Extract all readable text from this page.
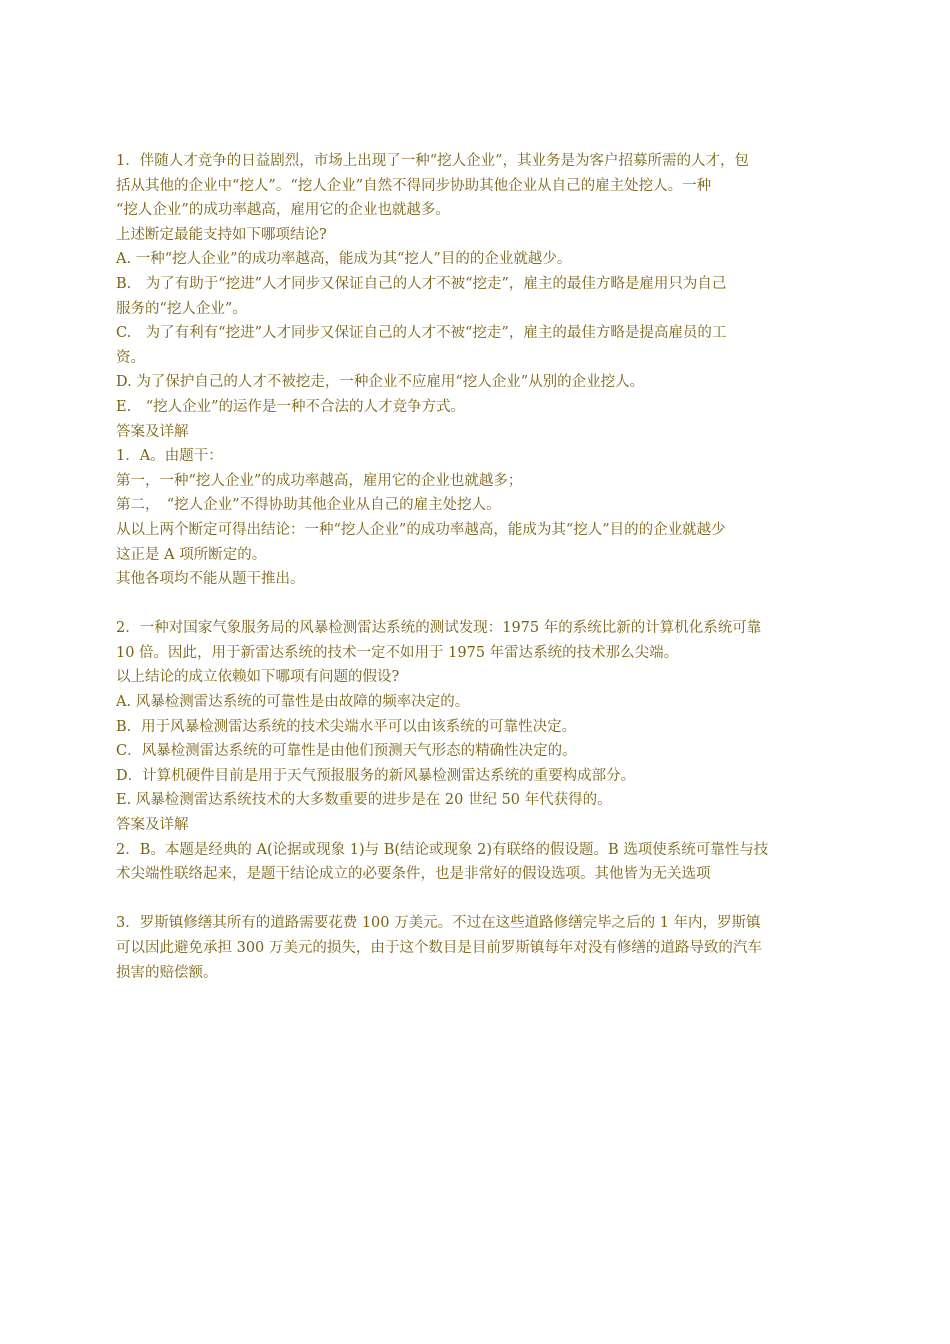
1．伴随人才竞争的日益剧烈，市场上出现了一种“挖人企业”，其业务是为客户招募所需的人才，包
括从其他的企业中“挖人”。“挖人企业”自然不得同步协助其他企业从自己的雇主处挖人。一种
“挖人企业”的成功率越高，雇用它的企业也就越多。
上述断定最能支持如下哪项结论?
A. 一种“挖人企业”的成功率越高，能成为其“挖人”目的的企业就越少。
B.　为了有助于“挖进”人才同步又保证自己的人才不被“挖走”，雇主的最佳方略是雇用只为自己
服务的“挖人企业”。
C.　为了有利有“挖进”人才同步又保证自己的人才不被“挖走”，雇主的最佳方略是提高雇员的工
资。
D. 为了保护自己的人才不被挖走，一种企业不应雇用“挖人企业”从别的企业挖人。
E.　“挖人企业”的运作是一种不合法的人才竞争方式。
答案及详解
1．A。由题干：
第一，一种“挖人企业”的成功率越高，雇用它的企业也就越多；
第二，　“挖人企业”不得协助其他企业从自己的雇主处挖人。
从以上两个断定可得出结论：一种“挖人企业”的成功率越高，能成为其“挖人”目的的企业就越少
这正是 A 项所断定的。
其他各项均不能从题干推出。
2．一种对国家气象服务局的风暴检测雷达系统的测试发现：1975 年的系统比新的计算机化系统可靠
10 倍。因此，用于新雷达系统的技术一定不如用于 1975 年雷达系统的技术那么尖端。
以上结论的成立依赖如下哪项有问题的假设?
A. 风暴检测雷达系统的可靠性是由故障的频率决定的。
B．用于风暴检测雷达系统的技术尖端水平可以由该系统的可靠性决定。
C．风暴检测雷达系统的可靠性是由他们预测天气形态的精确性决定的。
D．计算机硬件目前是用于天气预报服务的新风暴检测雷达系统的重要构成部分。
E. 风暴检测雷达系统技术的大多数重要的进步是在 20 世纪 50 年代获得的。
答案及详解
2．B。本题是经典的 A(论据或现象 1)与 B(结论或现象 2)有联络的假设题。B 选项使系统可靠性与技
术尖端性联络起来，是题干结论成立的必要条件，也是非常好的假设选项。其他皆为无关选项
3．罗斯镇修缮其所有的道路需要花费 100 万美元。不过在这些道路修缮完毕之后的 1 年内，罗斯镇
可以因此避免承担 300 万美元的损失，由于这个数目是目前罗斯镇每年对没有修缮的道路导致的汽车
损害的赔偿额。
